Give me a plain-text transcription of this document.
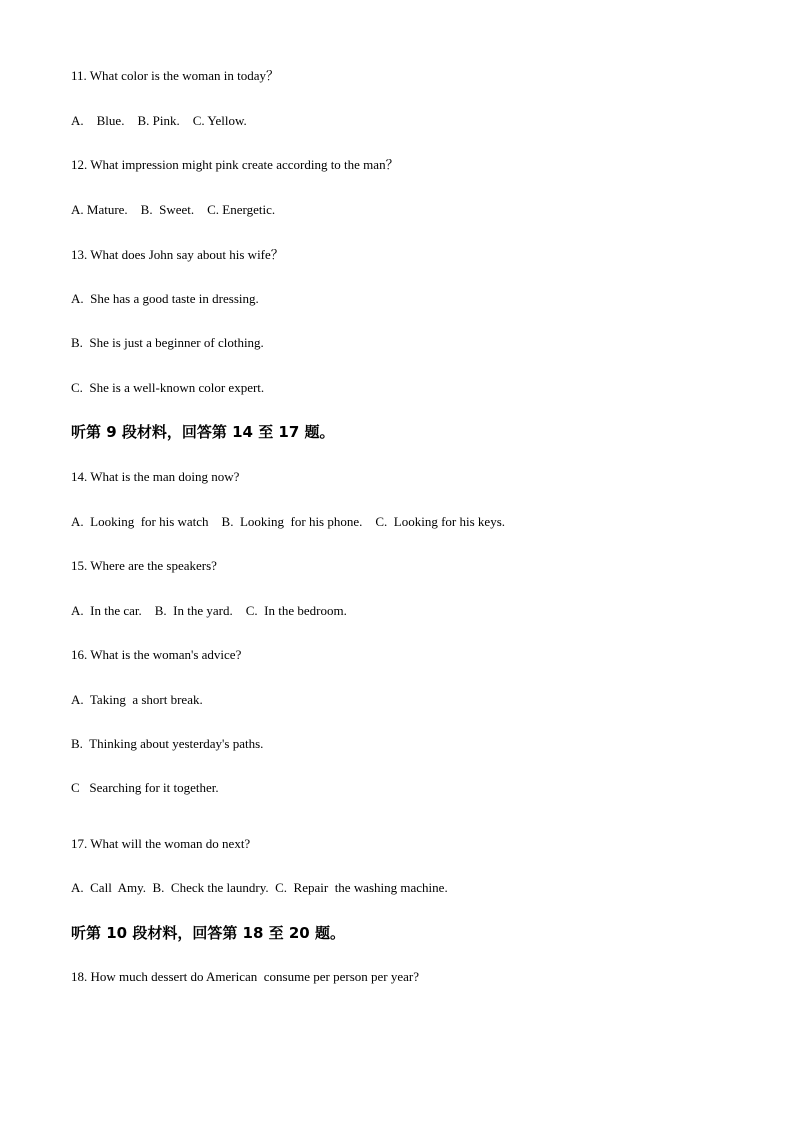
11. What color is the woman in today？
A.    Blue.    B. Pink.    C. Yellow.
12. What impression might pink create according to the man？
A. Mature.    B.  Sweet.    C. Energetic.
13. What does John say about his wife？
A.  She has a good taste in dressing.
B.  She is just a beginner of clothing.
C.  She is a well-known color expert.
听第 9 段材料，回答第 14 至 17 题。
14. What is the man doing now?
A.  Looking  for his watch    B.  Looking  for his phone.    C.  Looking for his keys.
15. Where are the speakers?
A.  In the car.    B.  In the yard.    C.  In the bedroom.
16. What is the woman's advice?
A.  Taking  a short break.
B.  Thinking about yesterday's paths.
C   Searching for it together.
17. What will the woman do next?
A.  Call  Amy.  B.  Check the laundry.  C.  Repair  the washing machine.
听第 10 段材料，回答第 18 至 20 题。
18. How much dessert do American  consume per person per year?
